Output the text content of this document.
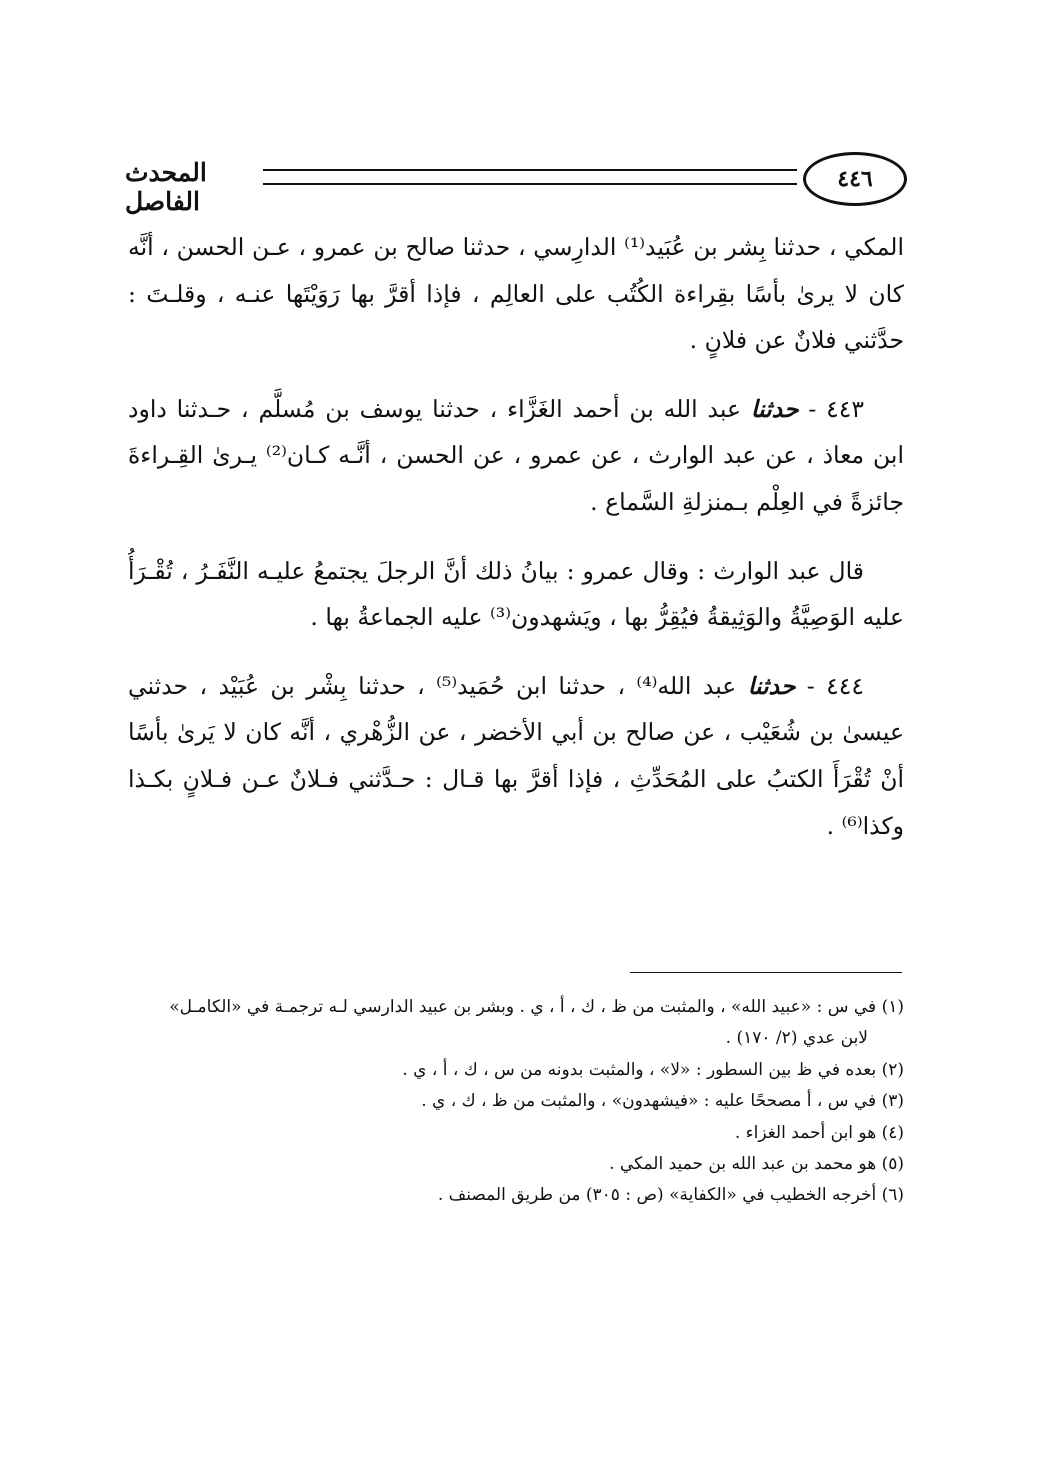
٤٤٦
المحدث الفاصل

المكي ، حدثنا بِشر بن عُبَيد⁽¹⁾ الدارِسي ، حدثنا صالح بن عمرو ، عـن الحسن ، أنَّه كان لا يرىٰ بأسًا بقِراءة الكُتُب على العالِم ، فإذا أقرَّ بها رَوَيْتَها عنـه ، وقلـتَ : حدَّثني فلانٌ عن فلانٍ .

٤٤٣ - حدثنا عبد الله بن أحمد الغَزَّاء ، حدثنا يوسف بن مُسلَّم ، حـدثنا داود ابن معاذ ، عن عبد الوارث ، عن عمرو ، عن الحسن ، أنَّـه كـان⁽²⁾ يـرىٰ القِـراءةَ جائزةً في العِلْم بـمنزلةِ السَّماع .

قال عبد الوارث : وقال عمرو : بيانُ ذلك أنَّ الرجلَ يجتمعُ عليـه النَّفَـرُ ، تُقْـرَأُ عليه الوَصِيَّةُ والوَثِيقةُ فيُقِرُّ بها ، ويَشهدون⁽³⁾ عليه الجماعةُ بها .

٤٤٤ - حدثنا عبد الله⁽⁴⁾ ، حدثنا ابن حُمَيد⁽⁵⁾ ، حدثنا بِشْر بن عُبَيْد ، حدثني عيسىٰ بن شُعَيْب ، عن صالح بن أبي الأخضر ، عن الزُّهْري ، أنَّه كان لا يَرىٰ بأسًا أنْ تُقْرَأَ الكتبُ على المُحَدِّثِ ، فإذا أقرَّ بها قـال : حـدَّثني فـلانٌ عـن فـلانٍ بكـذا وكذا⁽⁶⁾ .

(١) في س : «عبيد الله» ، والمثبت من ظ ، ك ، أ ، ي . وبشر بن عبيد الدارسي لـه ترجمـة في «الكامـل»

لابن عدي (٢/ ١٧٠) .

(٢) بعده في ظ بين السطور : «لا» ، والمثبت بدونه من س ، ك ، أ ، ي .

(٣) في س ، أ مصححًا عليه : «فيشهدون» ، والمثبت من ظ ، ك ، ي .

(٤) هو ابن أحمد الغزاء .

(٥) هو محمد بن عبد الله بن حميد المكي .

(٦) أخرجه الخطيب في «الكفاية» (ص : ٣٠٥) من طريق المصنف .
